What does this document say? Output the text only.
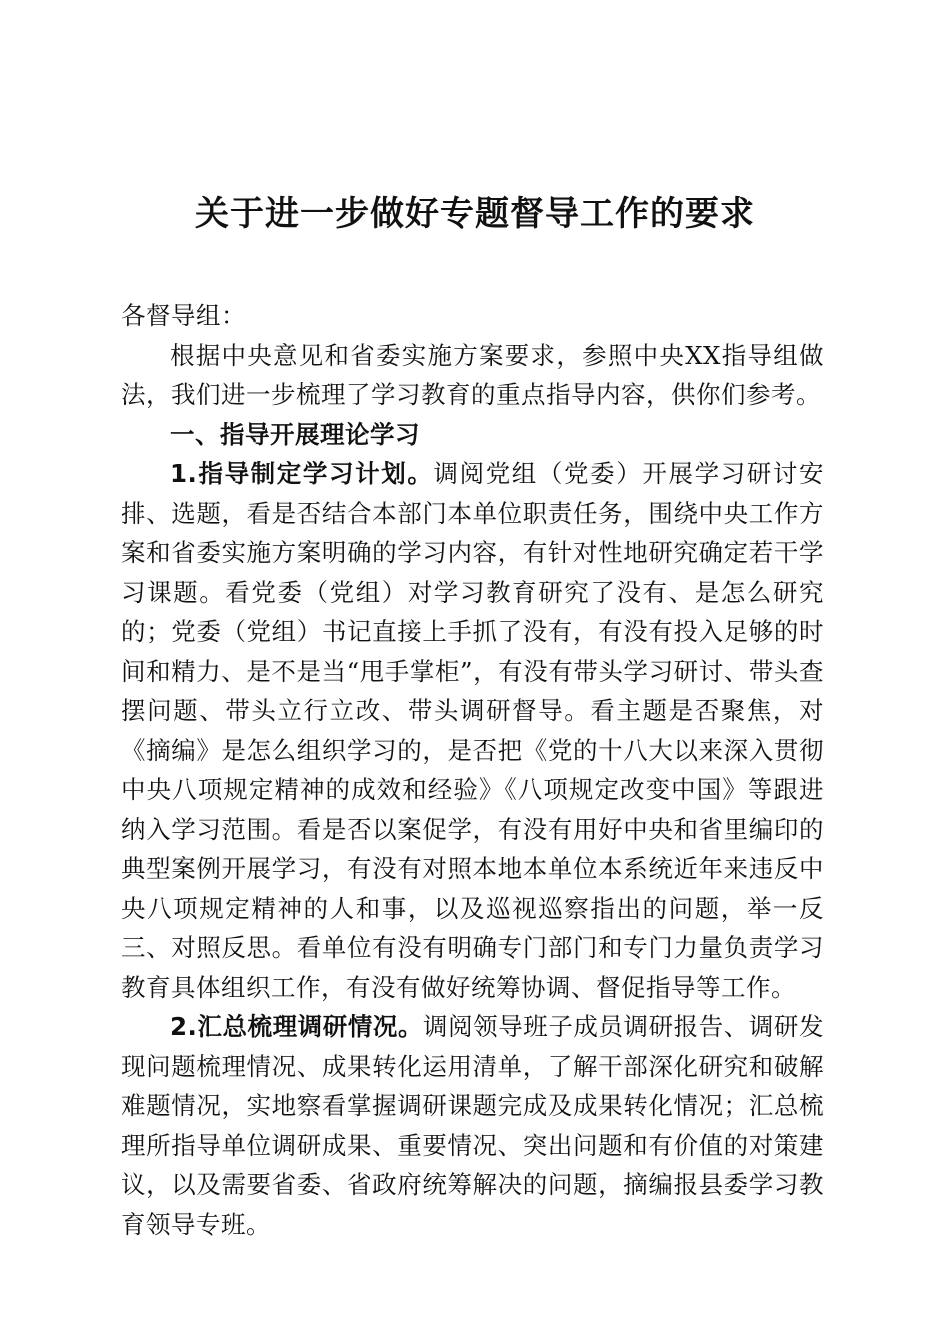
关于进一步做好专题督导工作的要求

各督导组：

根据中央意见和省委实施方案要求，参照中央XX指导组做法，我们进一步梳理了学习教育的重点指导内容，供你们参考。

一、指导开展理论学习

1.指导制定学习计划。调阅党组（党委）开展学习研讨安排、选题，看是否结合本部门本单位职责任务，围绕中央工作方案和省委实施方案明确的学习内容，有针对性地研究确定若干学习课题。看党委（党组）对学习教育研究了没有、是怎么研究的；党委（党组）书记直接上手抓了没有，有没有投入足够的时间和精力、是不是当“甩手掌柜”，有没有带头学习研讨、带头查摆问题、带头立行立改、带头调研督导。看主题是否聚焦，对《摘编》是怎么组织学习的，是否把《党的十八大以来深入贯彻中央八项规定精神的成效和经验》《八项规定改变中国》等跟进纳入学习范围。看是否以案促学，有没有用好中央和省里编印的典型案例开展学习，有没有对照本地本单位本系统近年来违反中央八项规定精神的人和事，以及巡视巡察指出的问题，举一反三、对照反思。看单位有没有明确专门部门和专门力量负责学习教育具体组织工作，有没有做好统筹协调、督促指导等工作。

2.汇总梳理调研情况。调阅领导班子成员调研报告、调研发现问题梳理情况、成果转化运用清单，了解干部深化研究和破解难题情况，实地察看掌握调研课题完成及成果转化情况；汇总梳理所指导单位调研成果、重要情况、突出问题和有价值的对策建议，以及需要省委、省政府统筹解决的问题，摘编报县委学习教育领导专班。
